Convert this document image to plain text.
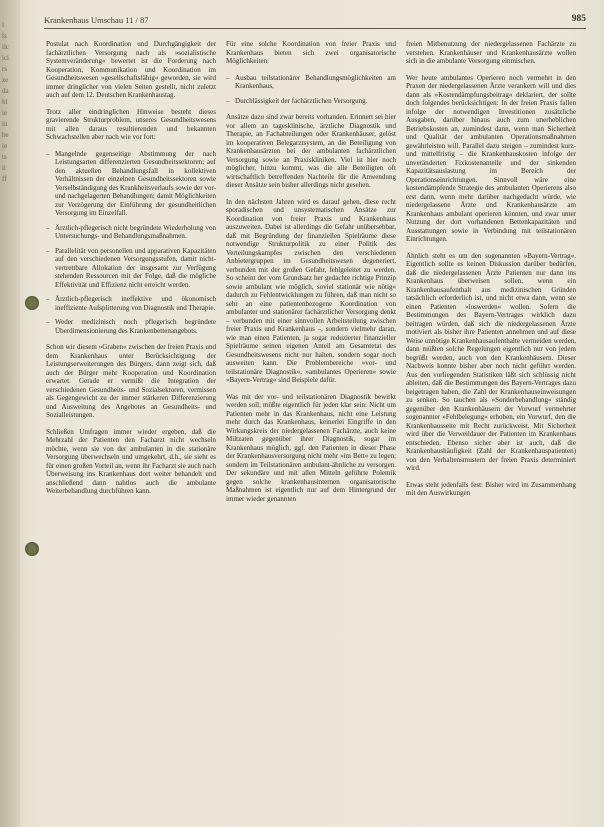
l
ls
ilc
ici
rs
ze
da
hl
ie
in
be
ie
ts
it
ff
Krankenhaus Umschau 11 / 87	985

Postulat nach Koordination und Durchgängigkeit der fachärztlichen Versorgung nach als »sozialistische Systemveränderung« bewertet ist die Forderung nach Kooperation, Kommunikation und Koordination im Gesundheitswesen »gesellschaftsfähig« geworden, sie wird immer dringlicher von vielen Seiten gestellt, nicht zuletzt auch auf dem 12. Deutschen Krankenhaustag.

Trotz aller eindringlichen Hinweise besteht dieses gravierende Strukturproblem, unseres Gesundheitswesens mit allen daraus resultierenden und bekannten Schwachstellen aber nach wie vor fort:

– Mangelnde gegenseitige Abstimmung der nach Leistungsarten differenzierten Gesundheitssektoren; auf den aktuellen Behandlungsfall in kollektiven Verhältnissen der einzelnen Gesundheitssektoren sowie Verselbständigung des Krankheitsverlaufs sowie der vor- und nachgelagerten Behandlungen; damit Möglichkeiten zur Verzögerung der Einführung der gesundheitlichen Versorgung im Einzelfall.
– Ärztlich-pflegerisch nicht begründete Wiederholung von Untersuchungs- und Behandlungsmaßnahmen.
– Parallelität von personellen und apparativen Kapazitäten auf den verschiedenen Versorgungsstufen, damit nicht-vertrettbare Allokation der insgesamt zur Verfügung stehenden Ressourcen mit der Folge, daß die mögliche Effektivität und Effizienz nicht erreicht werden.
– Ärztlich-pflegerisch ineffektive und ökonomisch ineffiziente Aufsplitterung von Diagnostik und Therapie.
– Weder medizinisch noch pflegerisch begründete Überdimensionierung des Krankenbettenangebots.

Schon wir diesem »Graben« zwischen der freien Praxis und dem Krankenhaus unter Berücksichtigung der Leistungserweiterungen des Bürgers, dann zeigt sich, daß auch der Bürger mehr Kooperation und Koordination erwartet. Gerade er vermißt die Integration der verschiedenen Gesundheits- und Sozialsektoren, vermissen als Gegengewicht zu der immer stärkeren Differenzierung und Ausweitung des Angebotes an Gesundheits- und Sozialleistungen.

Schließen Umfragen immer wieder ergeben, daß die Mehrzahl der Patienten den Facharzt nicht wechseln möchte, wenn sie von der ambulanten in die stationäre Versorgung überwechseln und umgekehrt, d.h., sie sieht es für einen großen Vorteil an, wenn ihr Facharzt sie auch nach Überweisung ins Krankenhaus dort weiter behandelt und anschließend dann nahtlos auch die ambulante Weiterbehandlung durchführen kann.

Für eine solche Koordination von freier Praxis und Krankenhaus bieten sich zwei organisatorische Möglichkeiten:

– Ausbau teilstationärer Behandlungsmöglichkeiten am Krankenhaus,
– Durchlässigkeit der fachärztlichen Versorgung.

Ansätze dazu sind zwar bereits vorhanden. Erinnert sei hier vor allem an tagesklinische, ärztliche Diagnostik und Therapie, an Fachabteilungen oder Krankenhäuser, gelöst im kooperativen Belegarztsystem, an die Beteiligung von Krankenhausärzten bei der ambulanten fachärztlichen Versorgung sowie an Praxiskliniken. Viel ist hier noch möglicher, hinzu kommt, was die alle Beteiligten oft wirtschaftlich betreffenden Nachteile für die Anwendung dieser Ansätze sein bisher allerdings nicht gesehen.

In den nächsten Jahren wird es darauf gehen, diese recht sporadischen und unsystematischen Ansätze zur Koordination von freier Praxis und Krankenhaus auszuweiten. Dabei ist allerdings die Gefahr unübersehbar, daß mit Begründung der finanziellen Spielräume diese notwendige Strukturpolitik zu einer Politik des Verteilungskampfes zwischen den verschiedenen Anbietergruppen im Gesundheitswesen degeneriert, verbunden mit der großen Gefahr, fehlgeleitet zu werden. So scheint der vom Grundsatz her gedachte richtige Prinzip sowie ambulant wie möglich, soviel stationär wie nötig« dadurch zu Fehlentwicklungen zu führen, daß man nicht so sehr an eine patientenbezogene Koordination von ambulanter und stationärer fachärztlicher Versorgung denkt – verbunden mit einer sinnvollen Arbeitsteilung zwischen freier Praxis und Krankenhaus –, sondern vielmehr daran, wie man einen Patienten, ja sogar reduzierter finanzieller Spielräume seinen eigenen Anteil am Gesamtetat des Gesundheitswesens nicht nur halten, sondern sogar noch ausweiten kann. Die Problembereiche »vor- und teilstationäre Diagnostik«, »ambulantes Operieren« sowie »Bayern-Vertrag« sind Beispiele dafür.

Was mit der vor- und teilstationären Diagnostik bewirkt werden soll, müßte eigentlich für jeden klar sein: Nicht um Patienten mehr in das Krankenhaus, nicht eine Leistung mehr durch das Krankenhaus, keinerlei Eingriffe in den Wirkungskreis der niedergelassenen Fachärzte, auch keine Miltzaten gegenüber ihrer Diagnostik, sogar im Krankenhaus möglich, ggf. den Patienten in dieser Phase der Krankenhausversorgung nicht mehr »im Bett« zu legen; sondern im Teilstationären ambulant-ähnliche zu versorgen. Der sekundäre und mit allen Mitteln geführte Polemik gegen solche krankenhausinternen organisatorische Maßnahmen ist eigentlich nur auf dem Hintergrund der immer wieder genannten

freien Mitbenutzung der niedergelassenen Fachärzte zu verstehen. Krankenhäuser und Krankenhausärzte wollen sich in die ambulante Versorgung einmischen.

Wer heute ambulantes Operieren noch vermehrt in den Praxen der niedergelassenen Ärzte verankern will und dies dann als »Kostendämpfungsbeitrag« deklariert, der sollte doch folgendes berücksichtigen: In der freien Praxis fallen infolge der notwendigen Investitionen zusätzliche Ausgaben, darüber hinaus auch zum unerheblichen Betriebskosten an, zumindest dann, wenn man Sicherheit und Qualität der ambulanten Operationsmaßnahmen gewährleisten will. Parallel dazu steigen – zumindest kurz- und mittelfristig – die Krankenhauskosten infolge der unveränderten Fixkostenanteile und der sinkenden Kapazitätsauslastung im Bereich der Operationseinrichtungen. Sinnvoll wäre eine kostendämpfende Strategie des ambulanten Operierens also erst dann, wenn mehr darüber nachgedacht würde, wie niedergelassene Ärzte und Krankenhausärzte am Krankenhaus ambulant operieren könnten, und zwar unter Nutzung der dort vorhandenen Bettenkapazitäten und Ausstattungen sowie in Verbindung mit teilstationären Einrichtungen.

Ähnlich steht es um den sogenannten »Bayern-Vertrag«. Eigentlich sollte es keinen Diskussion darüber bedürfen, daß die niedergelassenen Ärzte Patienten nur dann ins Krankenhaus überweisen sollen, wenn ein Krankenhausaufenthalt aus medizinischen Gründen tatsächlich erforderlich ist, und nicht etwa dann, wenn sie einen Patienten »loswerden« wollen. Sofern die Bestimmungen des Bayern-Vertrages wirklich dazu beitragen würden, daß sich die niedergelassenen Ärzte motiviert als bisher ihre Patienten annehmen und auf diese Weise unnötige Krankenhausaufenthalte vermeiden werden, dann müßten solche Regelungen eigentlich nur von jedem begrüßt werden, auch von den Krankenhäusern. Dieser Nachweis konnte bisher aber noch nicht geführt werden. Aus den vorliegenden Statistiken läßt sich schlüssig nicht ableiten, daß die Bestimmungen des Bayern-Vertrages dazu beigetragen haben, die Zahl der Krankenhauseinweisungen zu senken. So tauchen als »Sonderbehandlung« ständig gegenüber den Krankenhäusern der Vorwurf vermehrter sogenannter »Fehlbelegung« erhoben, ein Vorwurf, den die Krankenhausseite mit Recht zurückweist. Mit Sicherheit wird über die Verweildauer der Patienten im Krankenhaus entschieden. Ebenso sicher aber ist auch, daß die Krankenhaushäufigkeit (Zahl der Krankenhauspatienten) von den Verhaltensmustern der freien Praxis determiniert wird.

Etwas steht jedenfalls fest: Bisher wird im Zusammenhang mit den Auswirkungen
